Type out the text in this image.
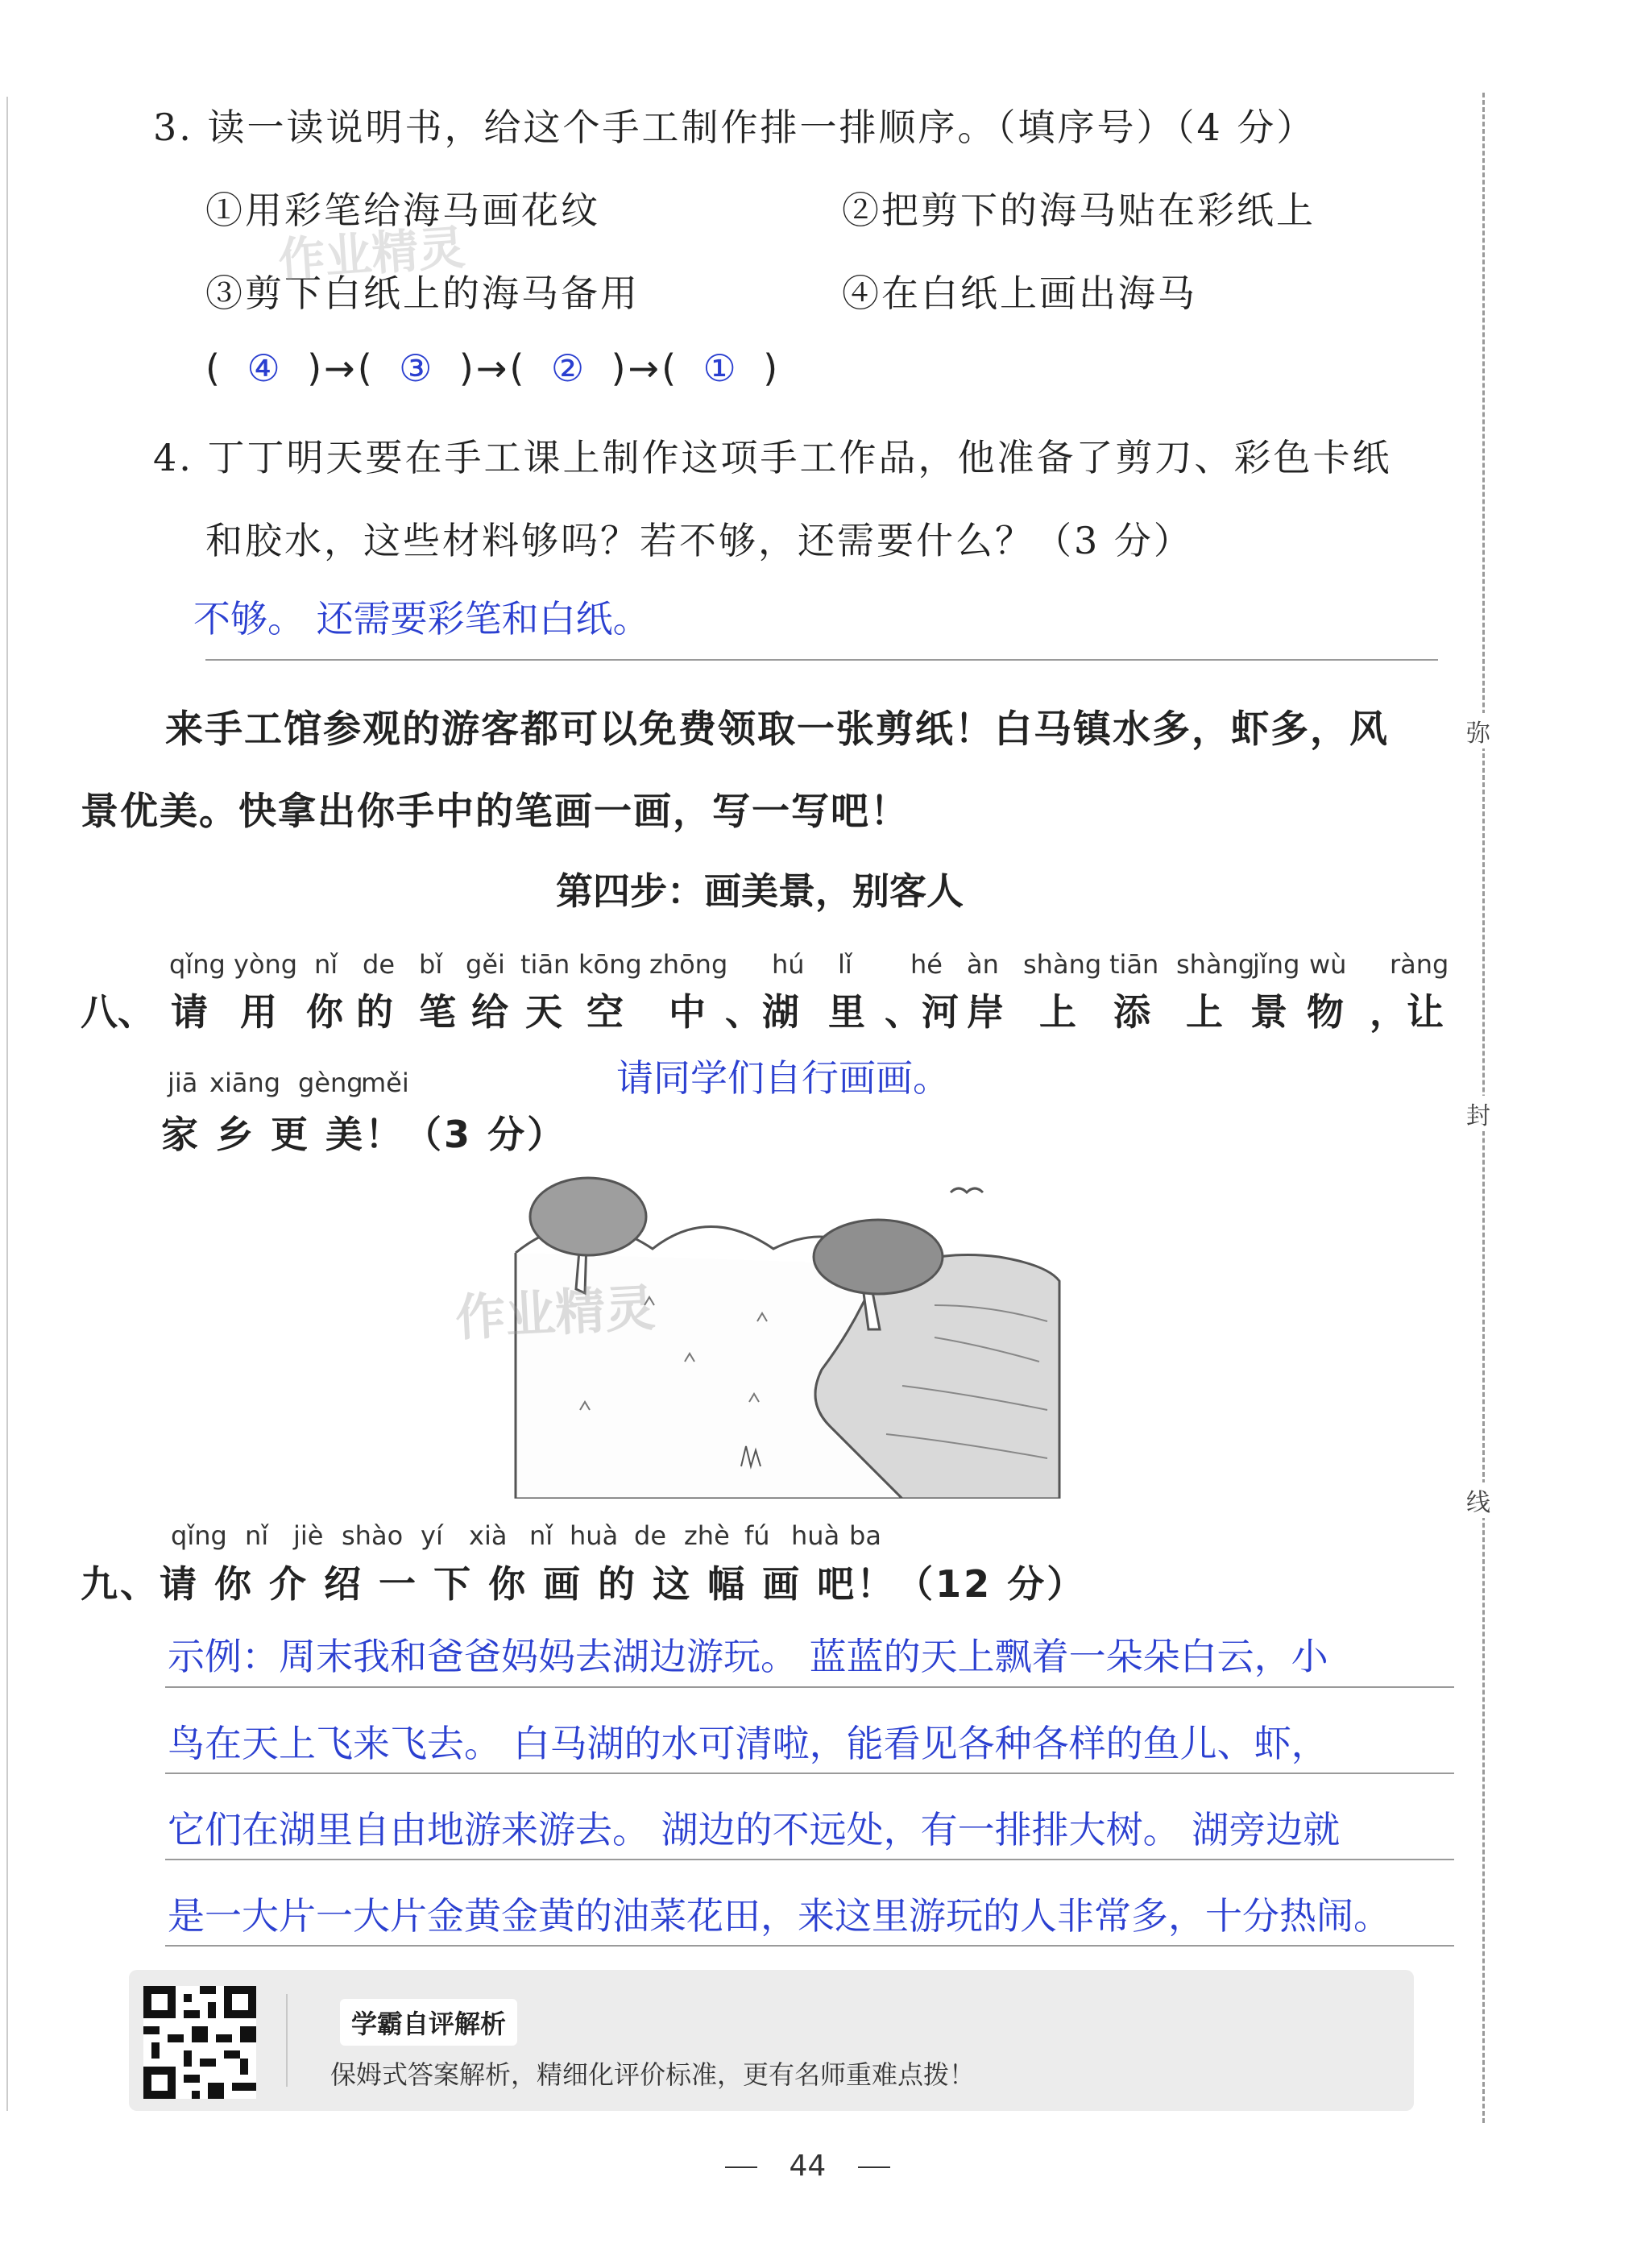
弥
封
线
3. 读一读说明书，给这个手工制作排一排顺序。（填序号）（4 分）
①用彩笔给海马画花纹	②把剪下的海马贴在彩纸上
③剪下白纸上的海马备用	④在白纸上画出海马
作业精灵
( ④ )→( ③ )→( ② )→( ① )
4. 丁丁明天要在手工课上制作这项手工作品，他准备了剪刀、彩色卡纸
和胶水，这些材料够吗？若不够，还需要什么？（3 分）
不够。 还需要彩笔和白纸。
来手工馆参观的游客都可以免费领取一张剪纸！白马镇水多，虾多，风
景优美。快拿出你手中的笔画一画，写一写吧！
第四步：画美景，别客人
qǐng yòng nǐ de bǐ gěi tiān kōng zhōng hú lǐ hé àn shàng tiān shàng
jǐng wù ràng
八、 请 用 你 的 笔 给 天 空 中 、湖 里 、河 岸 上 添 上 景 物 ，让
jiā xiāng gèng
měi	请同学们自行画画。
家 乡 更 美！（3 分）
作业精灵
qǐng nǐ jiè shào yí xià nǐ huà de zhè fú huà ba
九、请 你 介 绍 一 下 你 画 的 这 幅 画 吧！（12 分）
示例：周末我和爸爸妈妈去湖边游玩。 蓝蓝的天上飘着一朵朵白云，小
鸟在天上飞来飞去。 白马湖的水可清啦，能看见各种各样的鱼儿、虾，
它们在湖里自由地游来游去。 湖边的不远处，有一排排大树。 湖旁边就
是一大片一大片金黄金黄的油菜花田，来这里游玩的人非常多，十分热闹。
学霸自评解析
保姆式答案解析，精细化评价标准，更有名师重难点拨！
44
